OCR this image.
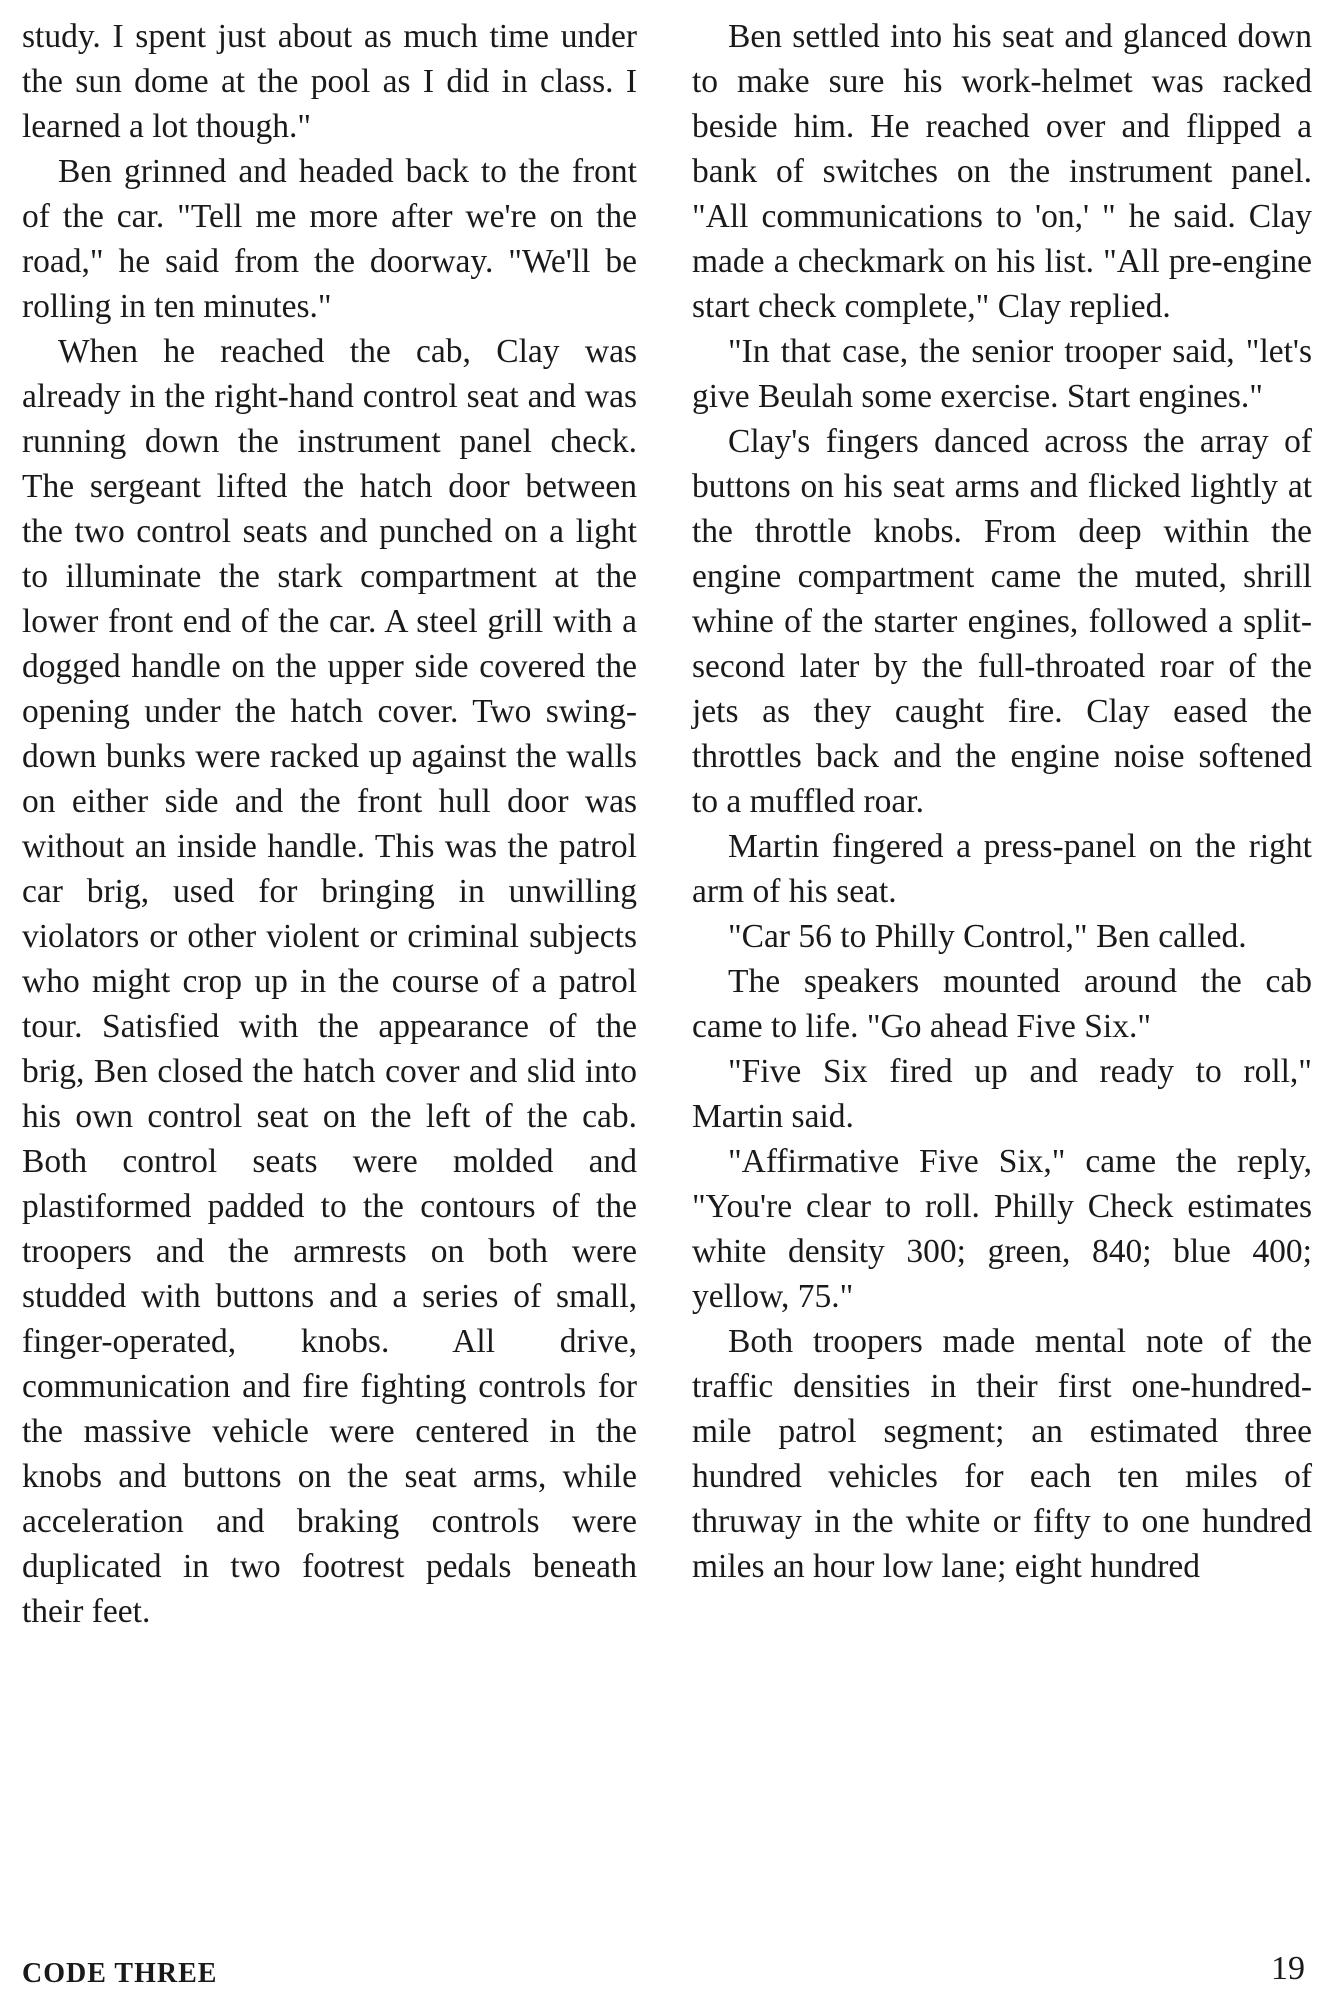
study. I spent just about as much time under the sun dome at the pool as I did in class. I learned a lot though."

Ben grinned and headed back to the front of the car. "Tell me more after we're on the road," he said from the doorway. "We'll be rolling in ten minutes."

When he reached the cab, Clay was already in the right-hand control seat and was running down the instrument panel check. The sergeant lifted the hatch door between the two control seats and punched on a light to illuminate the stark compartment at the lower front end of the car. A steel grill with a dogged handle on the upper side covered the opening under the hatch cover. Two swing-down bunks were racked up against the walls on either side and the front hull door was without an inside handle. This was the patrol car brig, used for bringing in unwilling violators or other violent or criminal subjects who might crop up in the course of a patrol tour. Satisfied with the appearance of the brig, Ben closed the hatch cover and slid into his own control seat on the left of the cab. Both control seats were molded and plastiformed padded to the contours of the troopers and the armrests on both were studded with buttons and a series of small, finger-operated, knobs. All drive, communication and fire fighting controls for the massive vehicle were centered in the knobs and buttons on the seat arms, while acceleration and braking controls were duplicated in two footrest pedals beneath their feet.

Ben settled into his seat and glanced down to make sure his work-helmet was racked beside him. He reached over and flipped a bank of switches on the instrument panel. "All communications to 'on,' " he said. Clay made a checkmark on his list. "All pre-engine start check complete," Clay replied.

"In that case, the senior trooper said, "let's give Beulah some exercise. Start engines."

Clay's fingers danced across the array of buttons on his seat arms and flicked lightly at the throttle knobs. From deep within the engine compartment came the muted, shrill whine of the starter engines, followed a split-second later by the full-throated roar of the jets as they caught fire. Clay eased the throttles back and the engine noise softened to a muffled roar.

Martin fingered a press-panel on the right arm of his seat.

"Car 56 to Philly Control," Ben called.

The speakers mounted around the cab came to life. "Go ahead Five Six."

"Five Six fired up and ready to roll," Martin said.

"Affirmative Five Six," came the reply, "You're clear to roll. Philly Check estimates white density 300; green, 840; blue 400; yellow, 75."

Both troopers made mental note of the traffic densities in their first one-hundred-mile patrol segment; an estimated three hundred vehicles for each ten miles of thruway in the white or fifty to one hundred miles an hour low lane; eight hundred

CODE THREE	19
